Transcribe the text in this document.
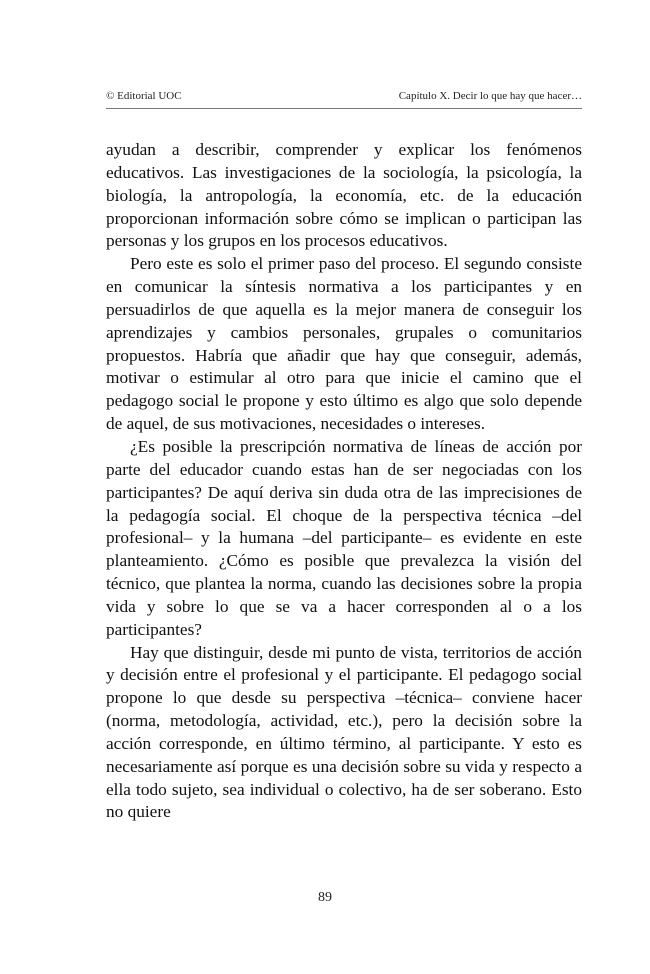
© Editorial UOC	Capítulo X. Decir lo que hay que hacer…

ayudan a describir, comprender y explicar los fenómenos educativos. Las investigaciones de la sociología, la psicología, la biología, la antropología, la economía, etc. de la educación proporcionan información sobre cómo se implican o participan las personas y los grupos en los procesos educativos.

Pero este es solo el primer paso del proceso. El segundo consiste en comunicar la síntesis normativa a los participantes y en persuadirlos de que aquella es la mejor manera de conseguir los aprendizajes y cambios personales, grupales o comunitarios propuestos. Habría que añadir que hay que conseguir, además, motivar o estimular al otro para que inicie el camino que el pedagogo social le propone y esto último es algo que solo depende de aquel, de sus motivaciones, necesidades o intereses.

¿Es posible la prescripción normativa de líneas de acción por parte del educador cuando estas han de ser negociadas con los participantes? De aquí deriva sin duda otra de las imprecisiones de la pedagogía social. El choque de la perspectiva técnica –del profesional– y la humana –del participante– es evidente en este planteamiento. ¿Cómo es posible que prevalezca la visión del técnico, que plantea la norma, cuando las decisiones sobre la propia vida y sobre lo que se va a hacer corresponden al o a los participantes?

Hay que distinguir, desde mi punto de vista, territorios de acción y decisión entre el profesional y el participante. El pedagogo social propone lo que desde su perspectiva –técnica– conviene hacer (norma, metodología, actividad, etc.), pero la decisión sobre la acción corresponde, en último término, al participante. Y esto es necesariamente así porque es una decisión sobre su vida y respecto a ella todo sujeto, sea individual o colectivo, ha de ser soberano. Esto no quiere

89
